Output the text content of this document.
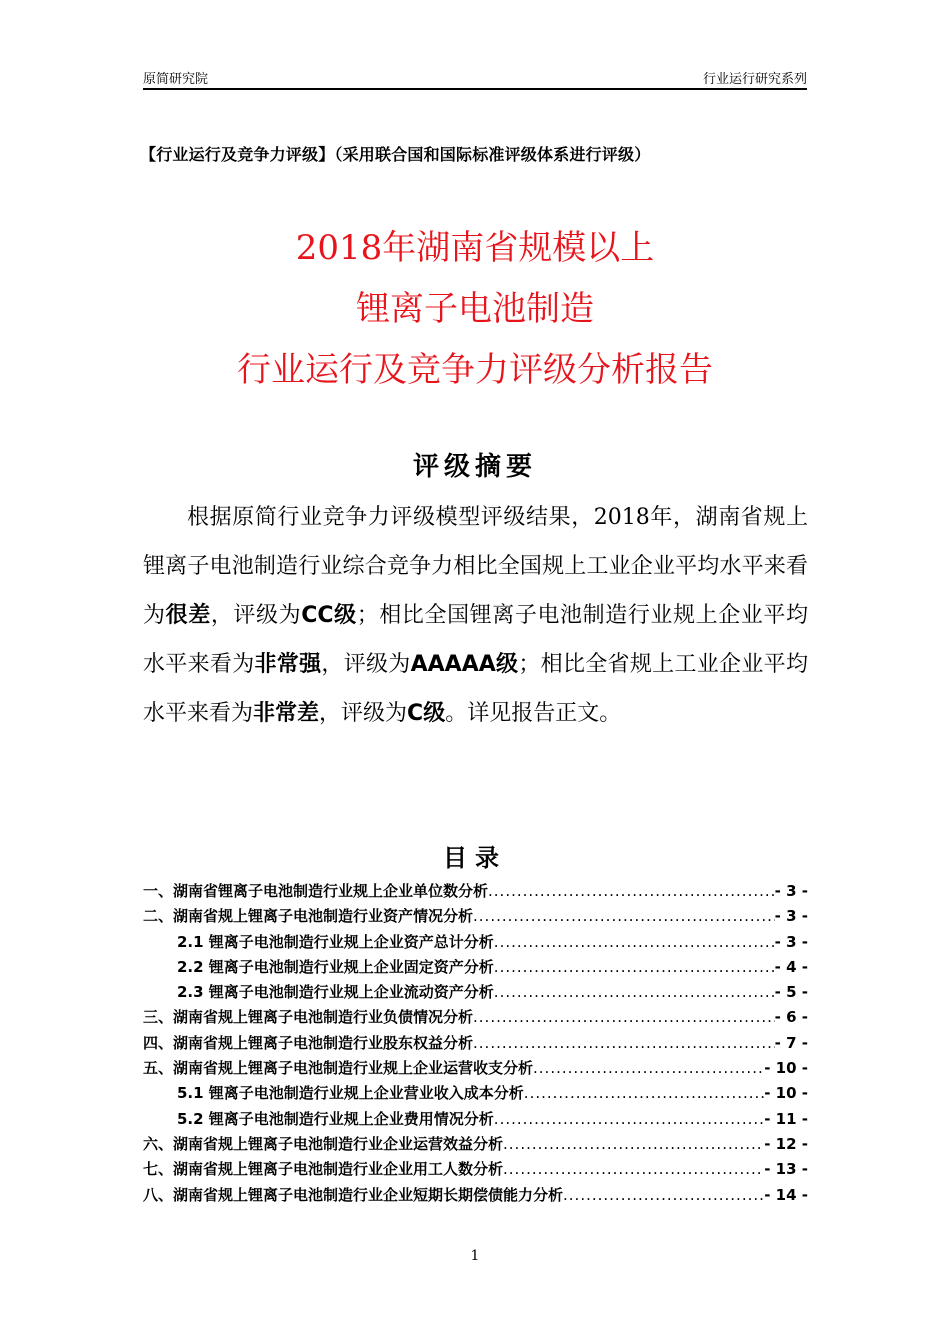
原简研究院	行业运行研究系列
【行业运行及竞争力评级】（采用联合国和国际标准评级体系进行评级）
2018年湖南省规模以上
锂离子电池制造
行业运行及竞争力评级分析报告
评级摘要

根据原简行业竞争力评级模型评级结果，2018年，湖南省规上锂离子电池制造行业综合竞争力相比全国规上工业企业平均水平来看为很差，评级为CC级；相比全国锂离子电池制造行业规上企业平均水平来看为非常强，评级为AAAAA级；相比全省规上工业企业平均水平来看为非常差，评级为C级。详见报告正文。

目录
一、湖南省锂离子电池制造行业规上企业单位数分析 .....	- 3 -
二、湖南省规上锂离子电池制造行业资产情况分析 .....	- 3 -
2.1 锂离子电池制造行业规上企业资产总计分析 .....	- 3 -
2.2 锂离子电池制造行业规上企业固定资产分析 .....	- 4 -
2.3 锂离子电池制造行业规上企业流动资产分析 .....	- 5 -
三、湖南省规上锂离子电池制造行业负债情况分析 .....	- 6 -
四、湖南省规上锂离子电池制造行业股东权益分析 .....	- 7 -
五、湖南省规上锂离子电池制造行业规上企业运营收支分析 .....	- 10 -
5.1 锂离子电池制造行业规上企业营业收入成本分析 .....	- 10 -
5.2 锂离子电池制造行业规上企业费用情况分析 .....	- 11 -
六、湖南省规上锂离子电池制造行业企业运营效益分析 .....	- 12 -
七、湖南省规上锂离子电池制造行业企业用工人数分析 .....	- 13 -
八、湖南省规上锂离子电池制造行业企业短期长期偿债能力分析 .....	- 14 -
1
